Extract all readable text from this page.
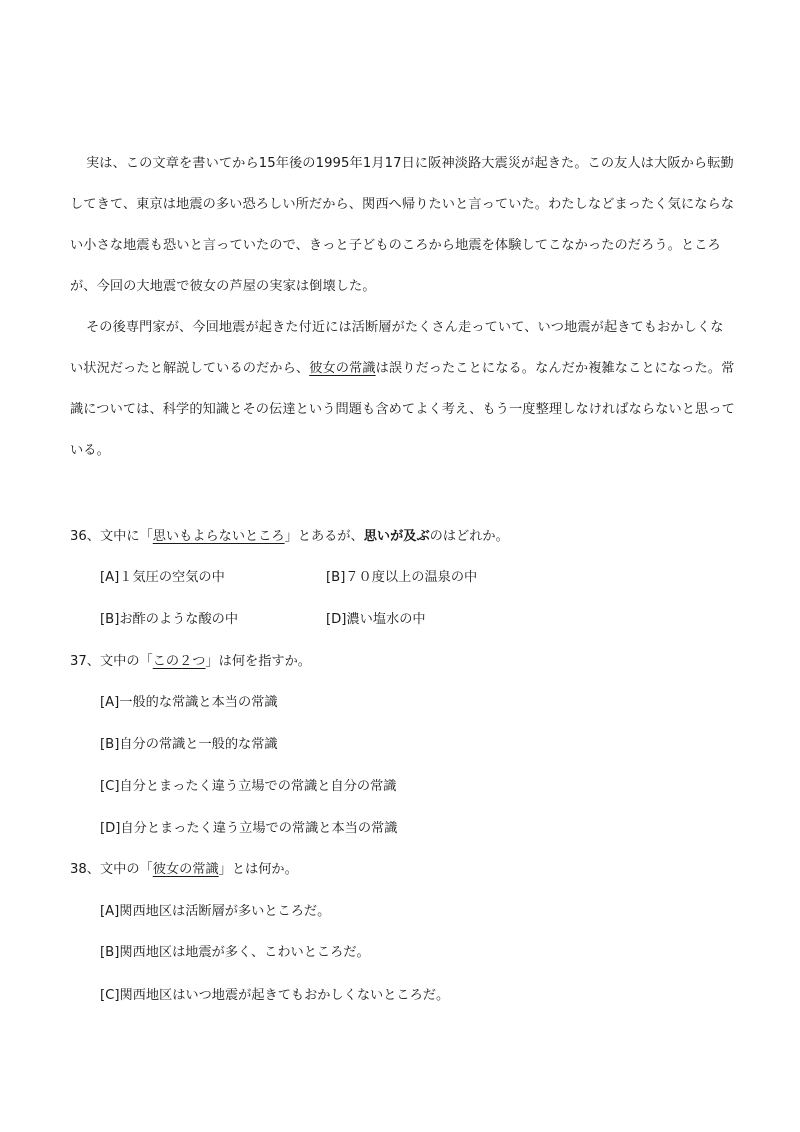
実は、この文章を書いてから15年後の1995年1月17日に阪神淡路大震災が起きた。この友人は大阪から転勤してきて、東京は地震の多い恐ろしい所だから、関西へ帰りたいと言っていた。わたしなどまったく気にならない小さな地震も恐いと言っていたので、きっと子どものころから地震を体験してこなかったのだろう。ところが、今回の大地震で彼女の芦屋の実家は倒壊した。

その後専門家が、今回地震が起きた付近には活断層がたくさん走っていて、いつ地震が起きてもおかしくない状況だったと解説しているのだから、彼女の常識は誤りだったことになる。なんだか複雑なことになった。常識については、科学的知識とその伝達という問題も含めてよく考え、もう一度整理しなければならないと思っている。

36、文中に「思いもよらないところ」とあるが、思いが及ぶのはどれか。
[A]１気圧の空気の中	[B]７０度以上の温泉の中
[B]お酢のような酸の中	[D]濃い塩水の中
37、文中の「この２つ」は何を指すか。
[A]一般的な常識と本当の常識
[B]自分の常識と一般的な常識
[C]自分とまったく違う立場での常識と自分の常識
[D]自分とまったく違う立場での常識と本当の常識
38、文中の「彼女の常識」とは何か。
[A]関西地区は活断層が多いところだ。
[B]関西地区は地震が多く、こわいところだ。
[C]関西地区はいつ地震が起きてもおかしくないところだ。
